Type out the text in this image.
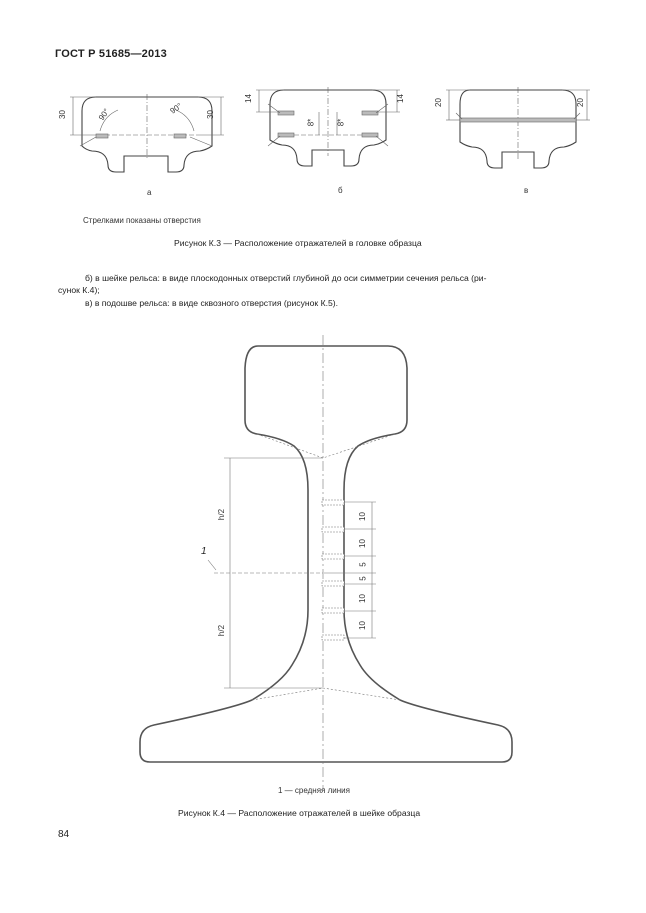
ГОСТ Р 51685—2013
30	30
90°	90°
14	14
8*	8*
20	20
а	б	в
Стрелками показаны отверстия
Рисунок К.3 — Расположение отражателей в головке образца
б) в шейке рельса: в виде плоскодонных отверстий глубиной до оси симметрии сечения рельса (ри-
сунок К.4);
в) в подошве рельса: в виде сквозного отверстия (рисунок К.5).
h/2
h/2
1
10
10
5
5
10
10
1 — средняя линия
Рисунок К.4 — Расположение отражателей в шейке образца
84
